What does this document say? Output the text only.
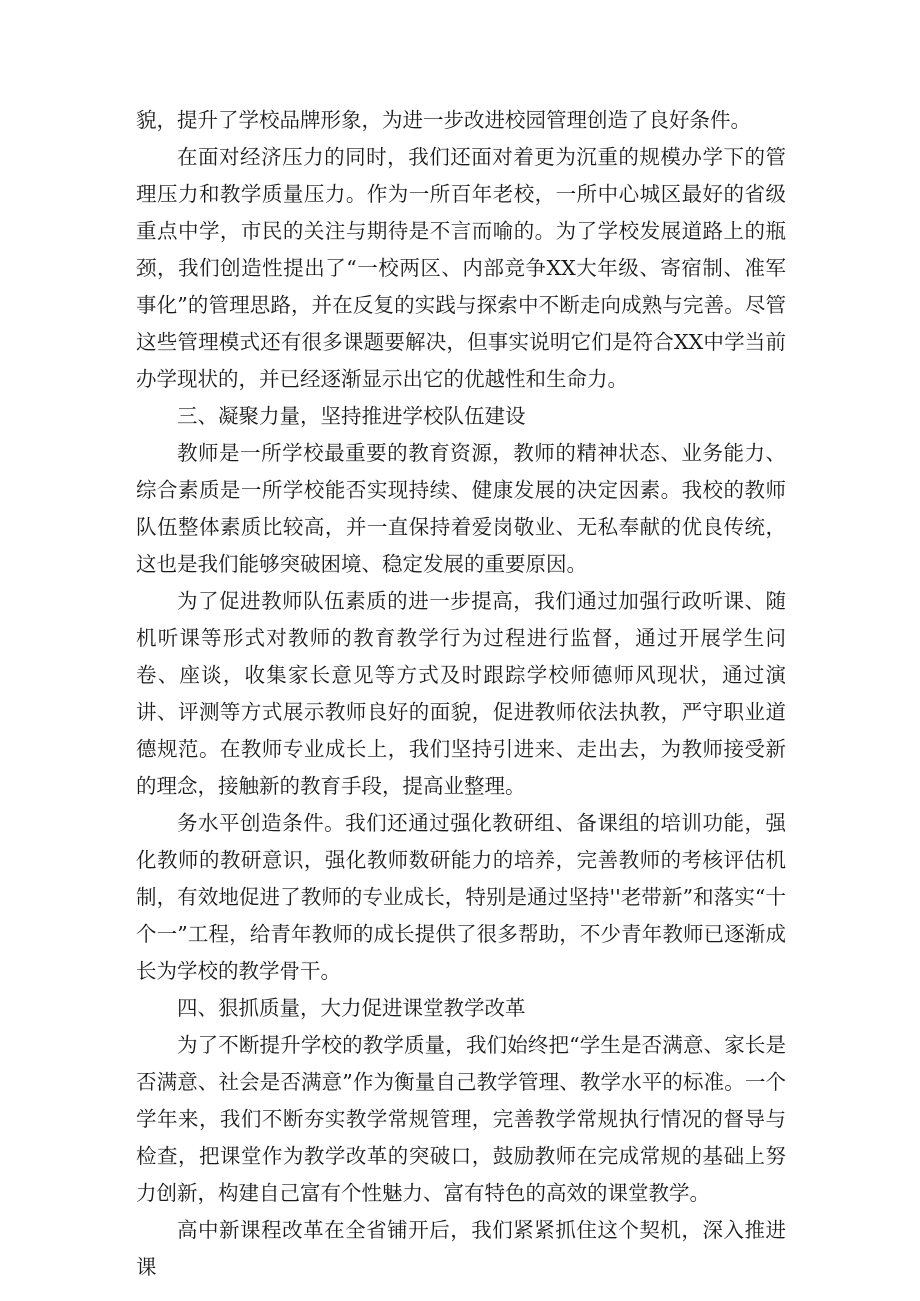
貌，提升了学校品牌形象，为进一步改进校园管理创造了良好条件。

在面对经济压力的同时，我们还面对着更为沉重的规模办学下的管理压力和教学质量压力。作为一所百年老校，一所中心城区最好的省级重点中学，市民的关注与期待是不言而喻的。为了学校发展道路上的瓶颈，我们创造性提出了“一校两区、内部竞争XX大年级、寄宿制、准军事化”的管理思路，并在反复的实践与探索中不断走向成熟与完善。尽管这些管理模式还有很多课题要解决，但事实说明它们是符合XX中学当前办学现状的，并已经逐渐显示出它的优越性和生命力。

三、凝聚力量，坚持推进学校队伍建设

教师是一所学校最重要的教育资源，教师的精神状态、业务能力、综合素质是一所学校能否实现持续、健康发展的决定因素。我校的教师队伍整体素质比较高，并一直保持着爱岗敬业、无私奉献的优良传统，这也是我们能够突破困境、稳定发展的重要原因。

为了促进教师队伍素质的进一步提高，我们通过加强行政听课、随机听课等形式对教师的教育教学行为过程进行监督，通过开展学生问卷、座谈，收集家长意见等方式及时跟踪学校师德师风现状，通过演讲、评测等方式展示教师良好的面貌，促进教师依法执教，严守职业道德规范。在教师专业成长上，我们坚持引进来、走出去，为教师接受新的理念，接触新的教育手段，提高业整理。

务水平创造条件。我们还通过强化教研组、备课组的培训功能，强化教师的教研意识，强化教师数研能力的培养，完善教师的考核评估机制，有效地促进了教师的专业成长，特别是通过坚持''老带新”和落实“十个一”工程，给青年教师的成长提供了很多帮助，不少青年教师已逐渐成长为学校的教学骨干。

四、狠抓质量，大力促进课堂教学改革

为了不断提升学校的教学质量，我们始终把“学生是否满意、家长是否满意、社会是否满意”作为衡量自己教学管理、教学水平的标准。一个学年来，我们不断夯实教学常规管理，完善教学常规执行情况的督导与检查，把课堂作为教学改革的突破口，鼓励教师在完成常规的基础上努力创新，构建自己富有个性魅力、富有特色的高效的课堂教学。

高中新课程改革在全省铺开后，我们紧紧抓住这个契机，深入推进课
